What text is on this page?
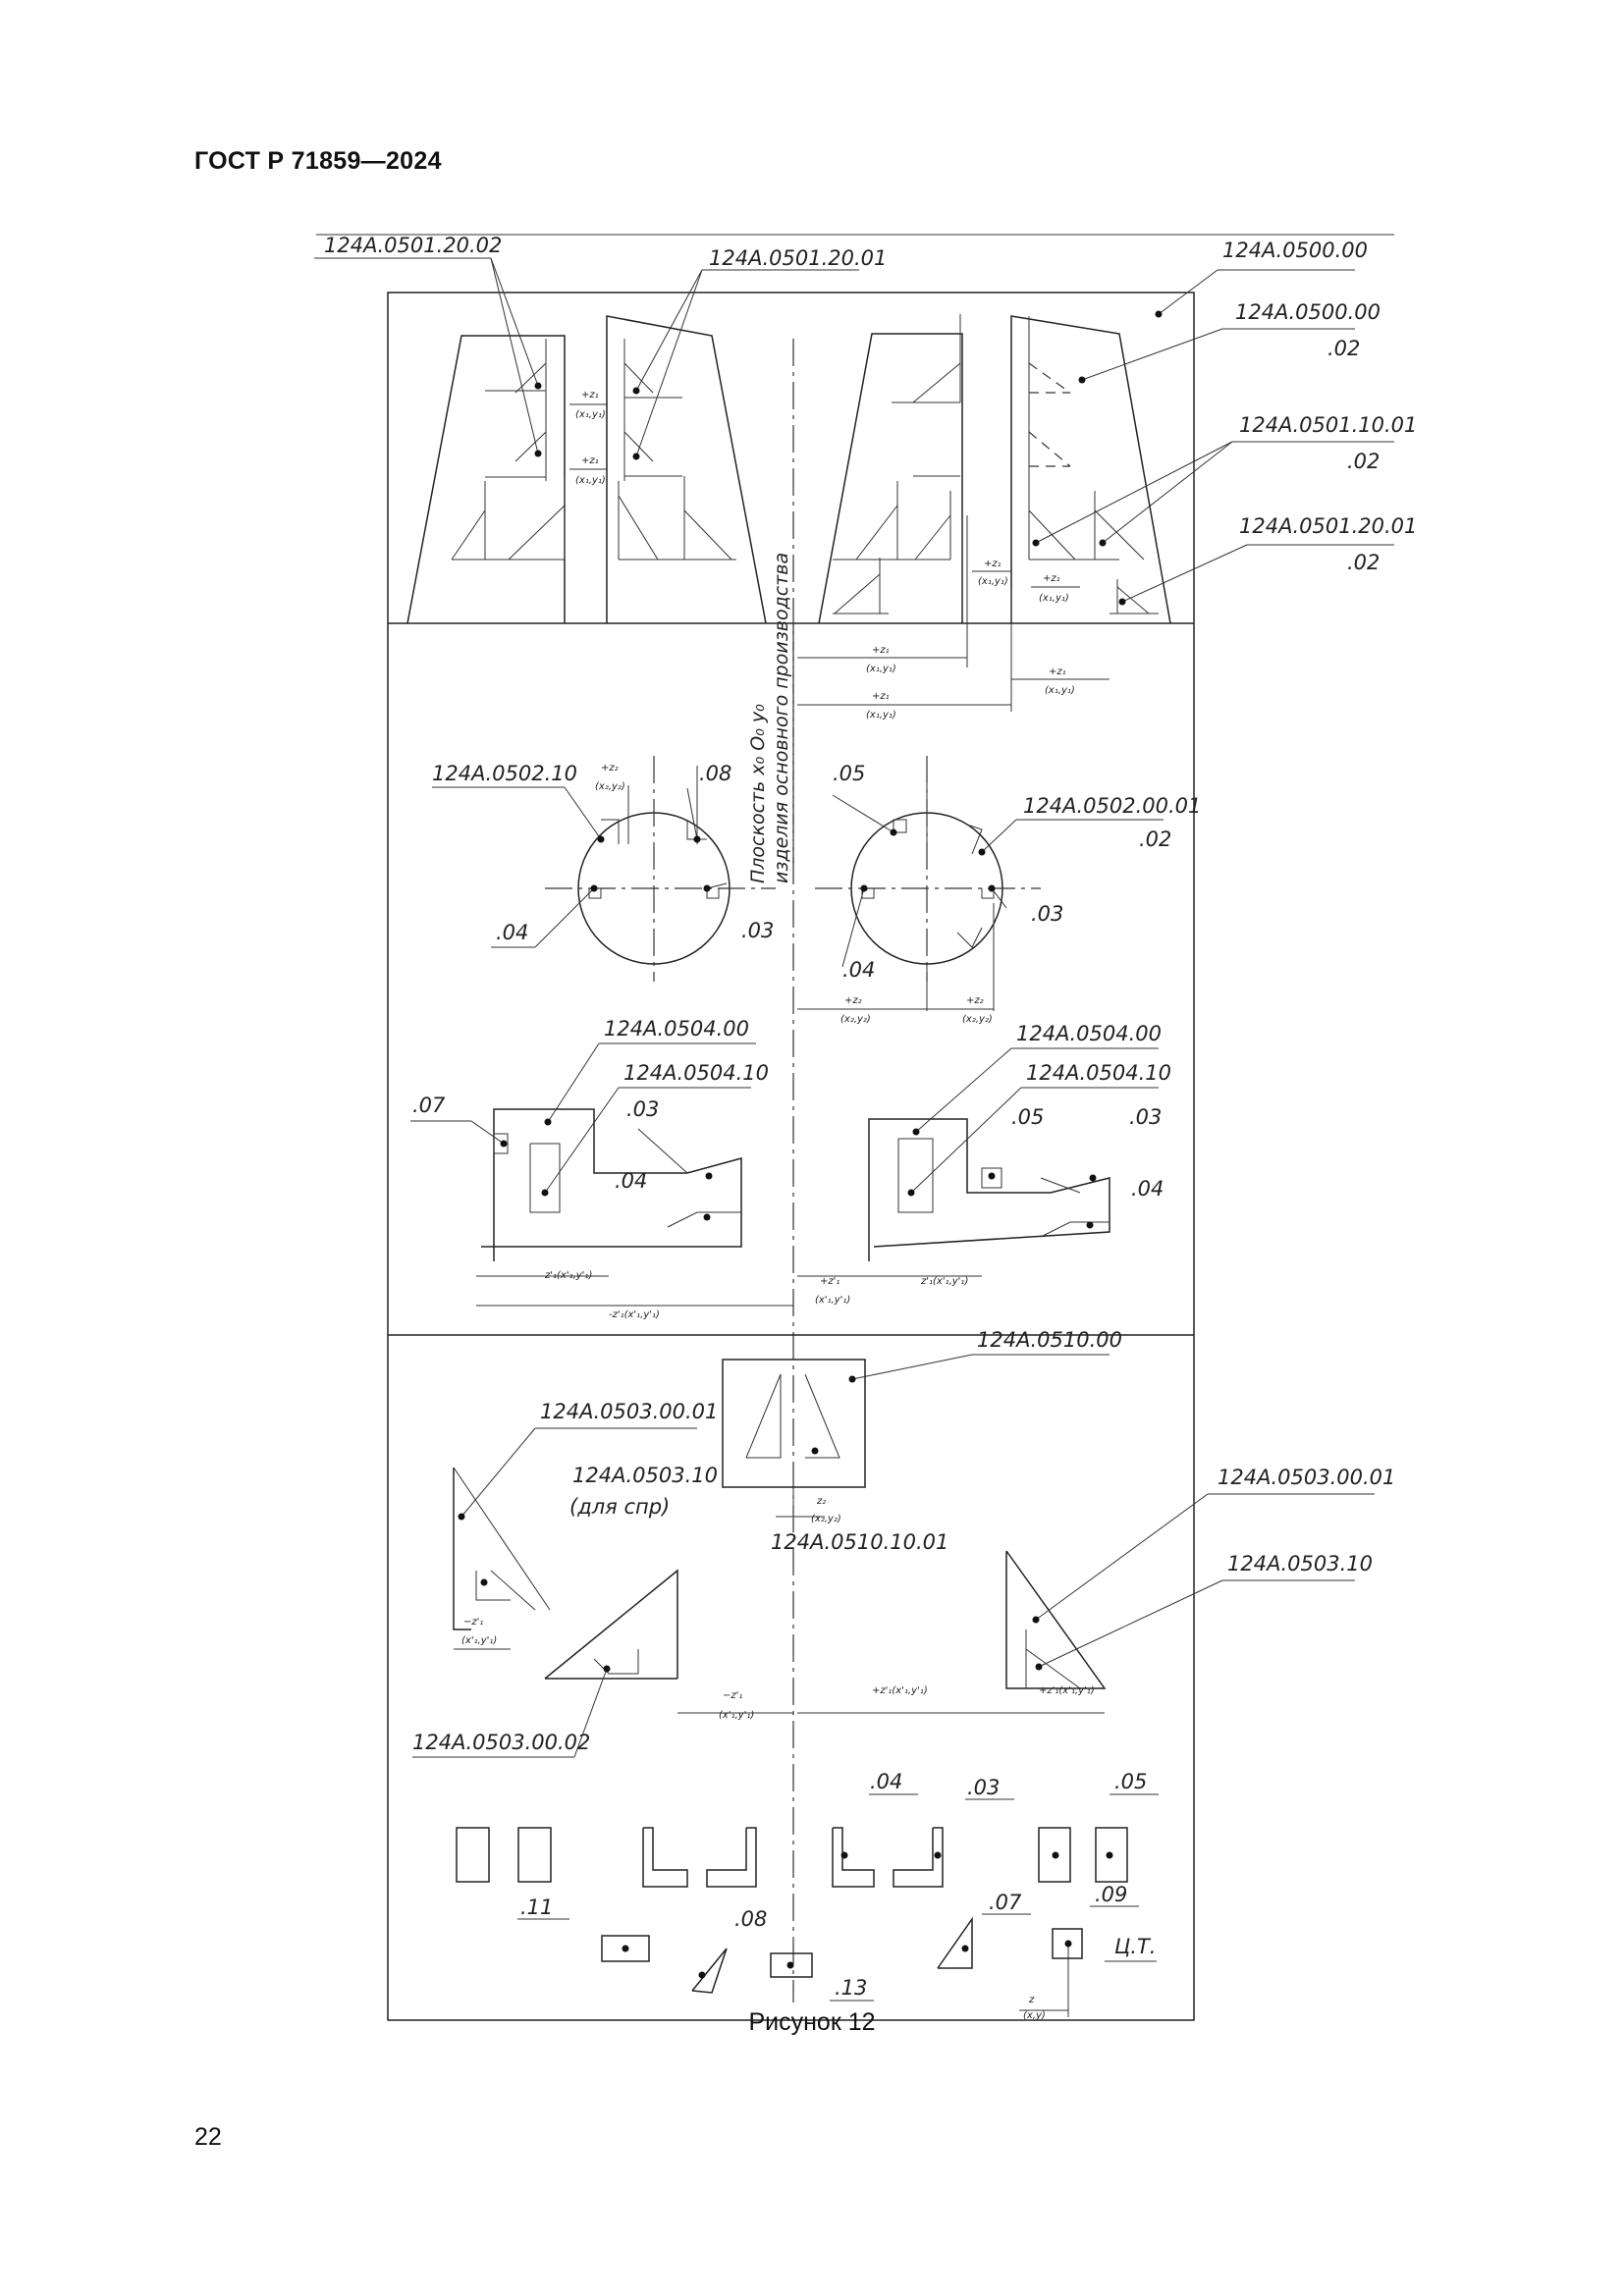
ГОСТ Р 71859—2024
124А.0501.20.02
124А.0501.20.01	124А.0500.00
124А.0500.00
.02
124А.0501.10.01
.02
124А.0501.20.01
.02
124А.0502.10	.08	.05
124А.0502.00.01
.02
.04	.03
.04
.03
124А.0504.00
124А.0504.10
.07	.03
.04
124А.0504.00
124А.0504.10
.05	.03
.04
124А.0510.00
124А.0503.00.01
124А.0503.10
(для спр)
124А.0510.10.01
124А.0503.00.01
124А.0503.10
124А.0503.00.02
.04	.03	.05
.11	.08
.07	.09
.13
Ц.Т.
Плоскость x₀ O₀ y₀ изделия основного производства
+z₁
(x₁,y₁)
+z₁
(x₁,y₁)
+z₁
(x₁,y₁)	+z₁
(x₁,y₁)
+z₁
(x₁,y₁)	+z₁
(x₁,y₁)
+z₁
(x₁,y₁)
+z₂
(x₂,y₂)
+z₂
(x₂,y₂)
+z₂
(x₂,y₂)
z'₁(x'₁,y'₁)
-z'₁(x'₁,y'₁)
+z'₁
(x'₁,y'₁)
z'₁(x'₁,y'₁)
z₂
(x₂,y₂)
−z'₁
(x'₁,y'₁)
−z'₁
(x'₁,y'₁)
+z'₁(x'₁,y'₁)	+z'₁(x'₁,y'₁)
z
(x,y)
Рисунок 12
22
